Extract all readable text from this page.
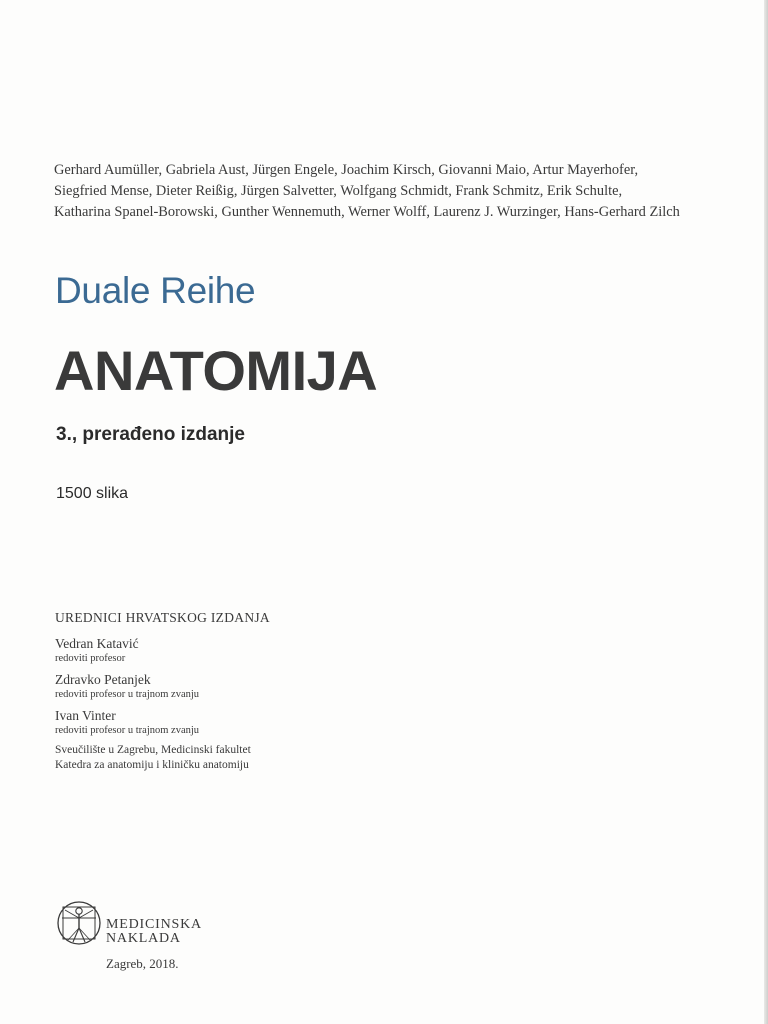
Gerhard Aumüller, Gabriela Aust, Jürgen Engele, Joachim Kirsch, Giovanni Maio, Artur Mayerhofer,
Siegfried Mense, Dieter Reißig, Jürgen Salvetter, Wolfgang Schmidt, Frank Schmitz, Erik Schulte,
Katharina Spanel-Borowski, Gunther Wennemuth, Werner Wolff, Laurenz J. Wurzinger, Hans-Gerhard Zilch
Duale Reihe
ANATOMIJA
3., prerađeno izdanje
1500 slika
UREDNICI HRVATSKOG IZDANJA
Vedran Katavić
redoviti profesor
Zdravko Petanjek
redoviti profesor u trajnom zvanju
Ivan Vinter
redoviti profesor u trajnom zvanju
Sveučilište u Zagrebu, Medicinski fakultet
Katedra za anatomiju i kliničku anatomiju
MEDICINSKA
NAKLADA
Zagreb, 2018.
